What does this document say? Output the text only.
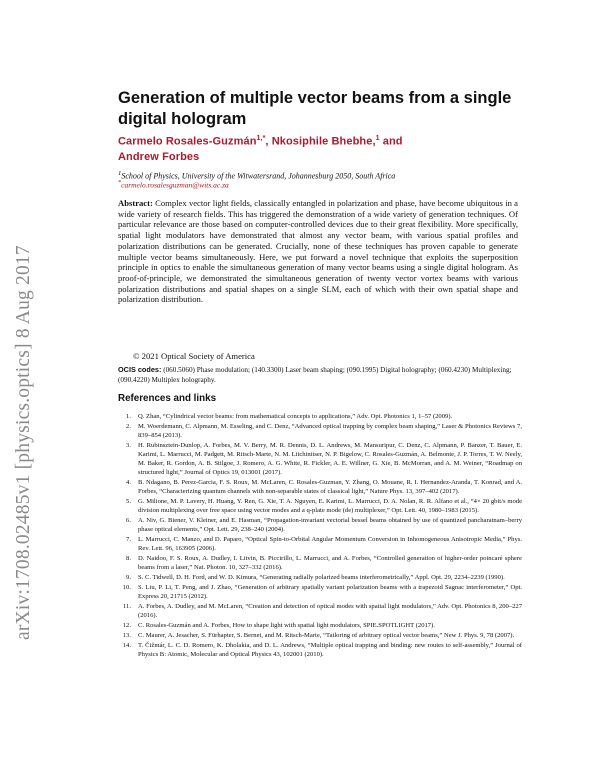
arXiv:1708.02485v1 [physics.optics] 8 Aug 2017
Generation of multiple vector beams from a single digital hologram
Carmelo Rosales-Guzmán$^{1,*}$, Nkosiphile Bhebhe,$^1$ and
Andrew Forbes
$^1$School of Physics, University of the Witwatersrand, Johannesburg 2050, South Africa
*carmelo.rosalesguzman@wits.ac.za
Abstract: Complex vector light fields, classically entangled in polarization and phase, have become ubiquitous in a wide variety of research fields. This has triggered the demonstration of a wide variety of generation techniques. Of particular relevance are those based on computer-controlled devices due to their great flexibility. More specifically, spatial light modulators have demonstrated that almost any vector beam, with various spatial profiles and polarization distributions can be generated. Crucially, none of these techniques has proven capable to generate multiple vector beams simultaneously. Here, we put forward a novel technique that exploits the superposition principle in optics to enable the simultaneous generation of many vector beams using a single digital hologram. As proof-of-principle, we demonstrated the simultaneous generation of twenty vector vortex beams with various polarization distributions and spatial shapes on a single SLM, each of which with their own spatial shape and polarization distribution.
© 2021 Optical Society of America
OCIS codes: (060.5060) Phase modulation; (140.3300) Laser beam shaping; (090.1995) Digital holography; (060.4230) Multiplexing; (090.4220) Multiplex holography.
References and links
1. Q. Zhan, “Cylindrical vector beams: from mathematical concepts to applications,” Adv. Opt. Photonics 1, 1–57 (2009).
2. M. Woerdemann, C. Alpmann, M. Esseling, and C. Denz, “Advanced optical trapping by complex beam shaping,” Laser & Photonics Reviews 7, 839–854 (2013).
3. H. Rubinsztein-Dunlop, A. Forbes, M. V. Berry, M. R. Dennis, D. L. Andrews, M. Mansuripur, C. Denz, C. Alpmann, P. Banzer, T. Bauer, E. Karimi, L. Marrucci, M. Padgett, M. Ritsch-Marte, N. M. Litchinitser, N. P. Bigelow, C. Rosales-Guzmán, A. Belmonte, J. P. Torres, T. W. Neely, M. Baker, R. Gordon, A. B. Stilgoe, J. Romero, A. G. White, R. Fickler, A. E. Willner, G. Xie, B. McMorran, and A. M. Weiner, “Roadmap on structured light,” Journal of Optics 19, 013001 (2017).
4. B. Ndagano, B. Perez-Garcia, F. S. Roux, M. McLaren, C. Rosales-Guzman, Y. Zhang, O. Mouane, R. I. Hernandez-Aranda, T. Konrad, and A. Forbes, “Characterizing quantum channels with non-separable states of classical light,” Nature Phys. 13, 397–402 (2017).
5. G. Milione, M. P. Lavery, H. Huang, Y. Ren, G. Xie, T. A. Nguyen, E. Karimi, L. Marrucci, D. A. Nolan, R. R. Alfano et al., “4× 20 gbit/s mode division multiplexing over free space using vector modes and a q-plate mode (de) multiplexer,” Opt. Lett. 40, 1980–1983 (2015).
6. A. Niv, G. Biener, V. Kleiner, and E. Hasman, “Propagation-invariant vectorial bessel beams obtained by use of quantized pancharatnam–berry phase optical elements,” Opt. Lett. 29, 238–240 (2004).
7. L. Marrucci, C. Manzo, and D. Paparo, “Optical Spin-to-Orbital Angular Momentum Conversion in Inhomogeneous Anisotropic Media,” Phys. Rev. Lett. 96, 163905 (2006).
8. D. Naidoo, F. S. Roux, A. Dudley, I. Litvin, B. Piccirillo, L. Marrucci, and A. Forbes, “Controlled generation of higher-order poincaré sphere beams from a laser,” Nat. Photon. 10, 327–332 (2016).
9. S. C. Tidwell, D. H. Ford, and W. D. Kimura, “Generating radially polarized beams interferometrically,” Appl. Opt. 29, 2234–2239 (1990).
10. S. Liu, P. Li, T. Peng, and J. Zhao, “Generation of arbitrary spatially variant polarization beams with a trapezoid Sagnac interferometer,” Opt. Express 20, 21715 (2012).
11. A. Forbes, A. Dudley, and M. McLaren, “Creation and detection of optical modes with spatial light modulators,” Adv. Opt. Photonics 8, 200–227 (2016).
12. C. Rosales-Guzmán and A. Forbes, How to shape light with spatial light modulators, SPIE.SPOTLIGHT (2017).
13. C. Maurer, A. Jesacher, S. Fürhapter, S. Bernet, and M. Ritsch-Marte, “Tailoring of arbitrary optical vector beams,” New J. Phys. 9, 78 (2007).
14. T. Čižmár, L. C. D. Romero, K. Dholakia, and D. L. Andrews, “Multiple optical trapping and binding: new routes to self-assembly,” Journal of Physics B: Atomic, Molecular and Optical Physics 43, 102001 (2010).
